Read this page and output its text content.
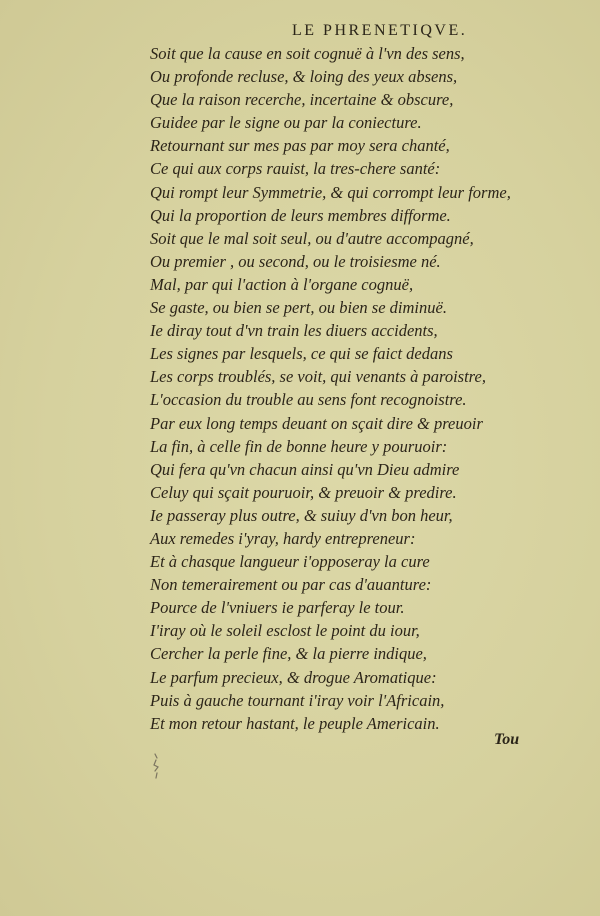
LE PHRENETIQVE.
Soit que la cause en soit cognuë à l'vn des sens,
Ou profonde recluse, & loing des yeux absens,
Que la raison recerche, incertaine & obscure,
Guidee par le signe ou par la coniecture.
Retournant sur mes pas par moy sera chanté,
Ce qui aux corps rauist, la tres-chere santé:
Qui rompt leur Symmetrie, & qui corrompt leur forme,
Qui la proportion de leurs membres difforme.
Soit que le mal soit seul, ou d'autre accompagné,
Ou premier , ou second, ou le troisiesme né.
Mal, par qui l'action à l'organe cognuë,
Se gaste, ou bien se pert, ou bien se diminuë.
Ie diray tout d'vn train les diuers accidents,
Les signes par lesquels, ce qui se faict dedans
Les corps troublés, se voit, qui venants à paroistre,
L'occasion du trouble au sens font recognoistre.
Par eux long temps deuant on sçait dire & preuoir
La fin, à celle fin de bonne heure y pouruoir:
Qui fera qu'vn chacun ainsi qu'vn Dieu admire
Celuy qui sçait pouruoir, & preuoir & predire.
Ie passeray plus outre, & suiuy d'vn bon heur,
Aux remedes i'yray, hardy entrepreneur:
Et à chasque langueur i'opposeray la cure
Non temerairement ou par cas d'auanture:
Pource de l'vniuers ie parferay le tour.
I'iray où le soleil esclost le point du iour,
Cercher la perle fine, & la pierre indique,
Le parfum precieux, & drogue Aromatique:
Puis à gauche tournant i'iray voir l'Africain,
Et mon retour hastant, le peuple Americain.
Tou
